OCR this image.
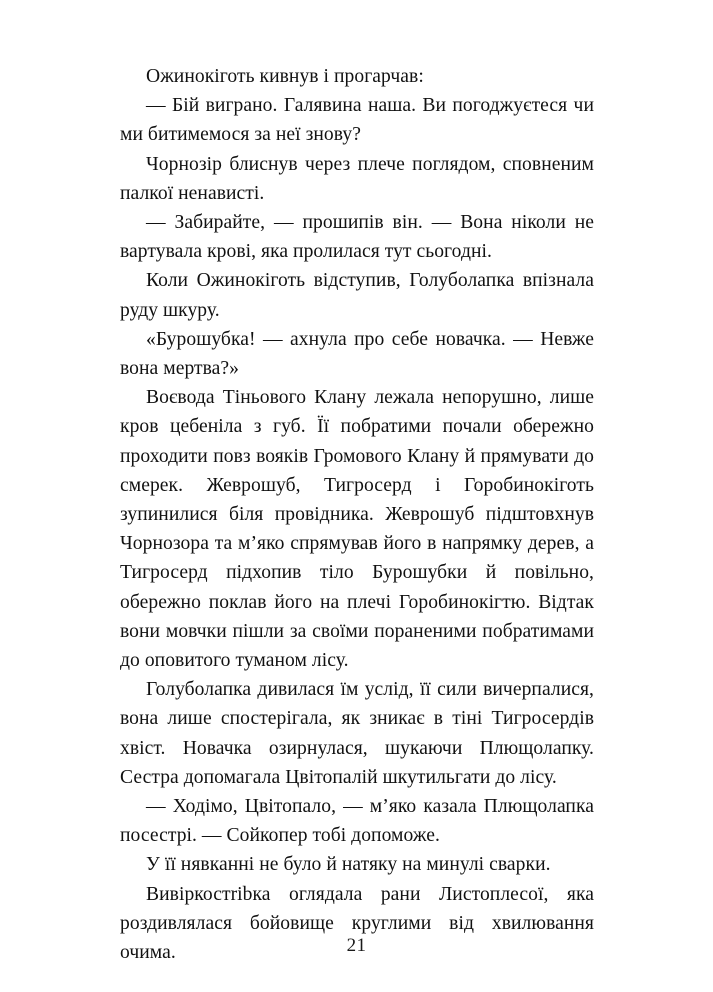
Ожинокіготь кивнув і прогарчав:

— Бій виграно. Галявина наша. Ви погоджуєтеся чи ми битимемося за неї знову?

Чорнозір блиснув через плече поглядом, сповненим палкої ненависті.

— Забирайте, — прошипів він. — Вона ніколи не вартувала крові, яка пролилася тут сьогодні.

Коли Ожинокіготь відступив, Голуболапка впізнала руду шкуру.

«Бурошубка! — ахнула про себе новачка. — Невже вона мертва?»

Воєвода Тіньового Клану лежала непорушно, лише кров цебеніла з губ. Її побратими почали обережно проходити повз вояків Громового Клану й прямувати до смерек. Жеврошуб, Тигросерд і Горобинокіготь зупинилися біля провідника. Жеврошуб підштовхнув Чорнозора та м’яко спрямував його в напрямку дерев, а Тигросерд підхопив тіло Бурошубки й повільно, обережно поклав його на плечі Горобинокігтю. Відтак вони мовчки пішли за своїми пораненими побратимами до оповитого туманом лісу.

Голуболапка дивилася їм услід, її сили вичерпалися, вона лише спостерігала, як зникає в тіні Тигросердів хвіст. Новачка озирнулася, шукаючи Плющолапку. Сестра допомагала Цвітопалій шкутильгати до лісу.

— Ходімо, Цвітопало, — м’яко казала Плющолапка посестрі. — Сойкопер тобі допоможе.

У її нявканні не було й натяку на минулі сварки.

Вивіркостribка оглядала рани Листоплесої, яка роздивлялася бойовище круглими від хвилювання очима.	21
